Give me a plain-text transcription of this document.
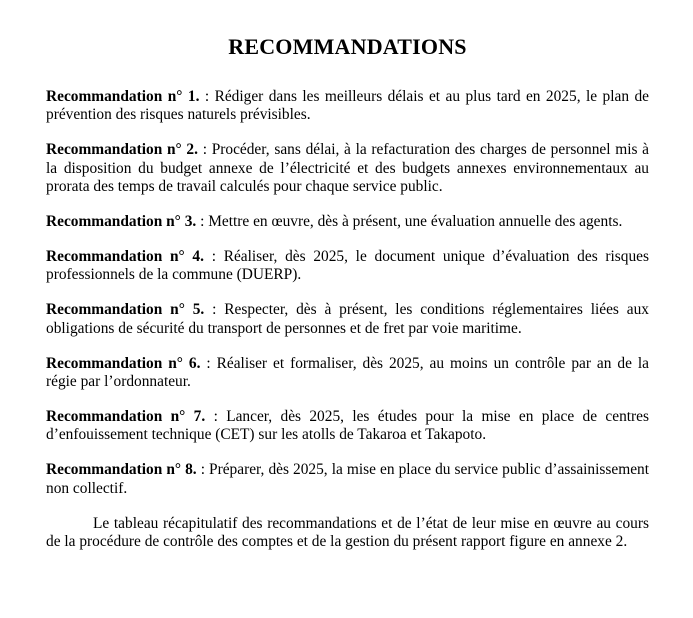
RECOMMANDATIONS

Recommandation n° 1. : Rédiger dans les meilleurs délais et au plus tard en 2025, le plan de prévention des risques naturels prévisibles.

Recommandation n° 2. : Procéder, sans délai, à la refacturation des charges de personnel mis à la disposition du budget annexe de l’électricité et des budgets annexes environnementaux au prorata des temps de travail calculés pour chaque service public.

Recommandation n° 3. : Mettre en œuvre, dès à présent, une évaluation annuelle des agents.

Recommandation n° 4. : Réaliser, dès 2025, le document unique d’évaluation des risques professionnels de la commune (DUERP).

Recommandation n° 5. : Respecter, dès à présent, les conditions réglementaires liées aux obligations de sécurité du transport de personnes et de fret par voie maritime.

Recommandation n° 6. : Réaliser et formaliser, dès 2025, au moins un contrôle par an de la régie par l’ordonnateur.

Recommandation n° 7. : Lancer, dès 2025, les études pour la mise en place de centres d’enfouissement technique (CET) sur les atolls de Takaroa et Takapoto.

Recommandation n° 8. : Préparer, dès 2025, la mise en place du service public d’assainissement non collectif.

Le tableau récapitulatif des recommandations et de l’état de leur mise en œuvre au cours de la procédure de contrôle des comptes et de la gestion du présent rapport figure en annexe 2.
